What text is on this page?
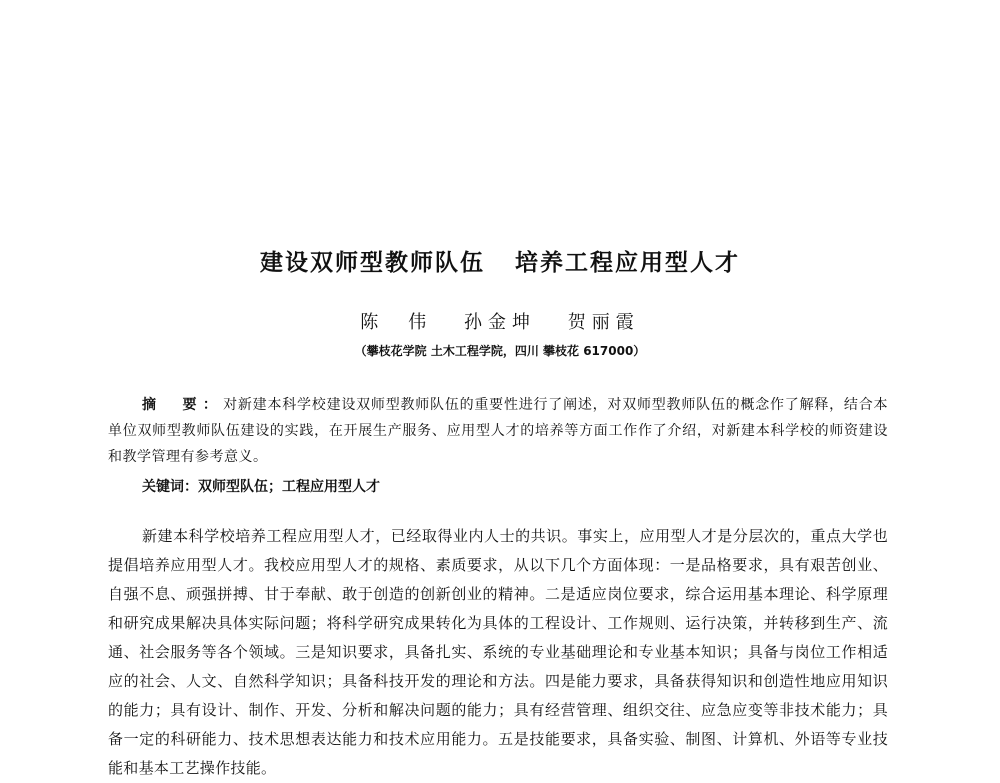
建设双师型教师队伍 培养工程应用型人才
陈　伟 孙金坤 贺丽霞
（攀枝花学院 土木工程学院，四川 攀枝花 617000）
摘　要：对新建本科学校建设双师型教师队伍的重要性进行了阐述，对双师型教师队伍的概念作了解释，结合本单位双师型教师队伍建设的实践，在开展生产服务、应用型人才的培养等方面工作作了介绍，对新建本科学校的师资建设和教学管理有参考意义。
关键词：双师型队伍；工程应用型人才
新建本科学校培养工程应用型人才，已经取得业内人士的共识。事实上，应用型人才是分层次的，重点大学也提倡培养应用型人才。我校应用型人才的规格、素质要求，从以下几个方面体现：一是品格要求，具有艰苦创业、自强不息、顽强拼搏、甘于奉献、敢于创造的创新创业的精神。二是适应岗位要求，综合运用基本理论、科学原理和研究成果解决具体实际问题；将科学研究成果转化为具体的工程设计、工作规则、运行决策，并转移到生产、流通、社会服务等各个领域。三是知识要求，具备扎实、系统的专业基础理论和专业基本知识；具备与岗位工作相适应的社会、人文、自然科学知识；具备科技开发的理论和方法。四是能力要求，具备获得知识和创造性地应用知识的能力；具有设计、制作、开发、分析和解决问题的能力；具有经营管理、组织交往、应急应变等非技术能力；具备一定的科研能力、技术思想表达能力和技术应用能力。五是技能要求，具备实验、制图、计算机、外语等专业技能和基本工艺操作技能。
